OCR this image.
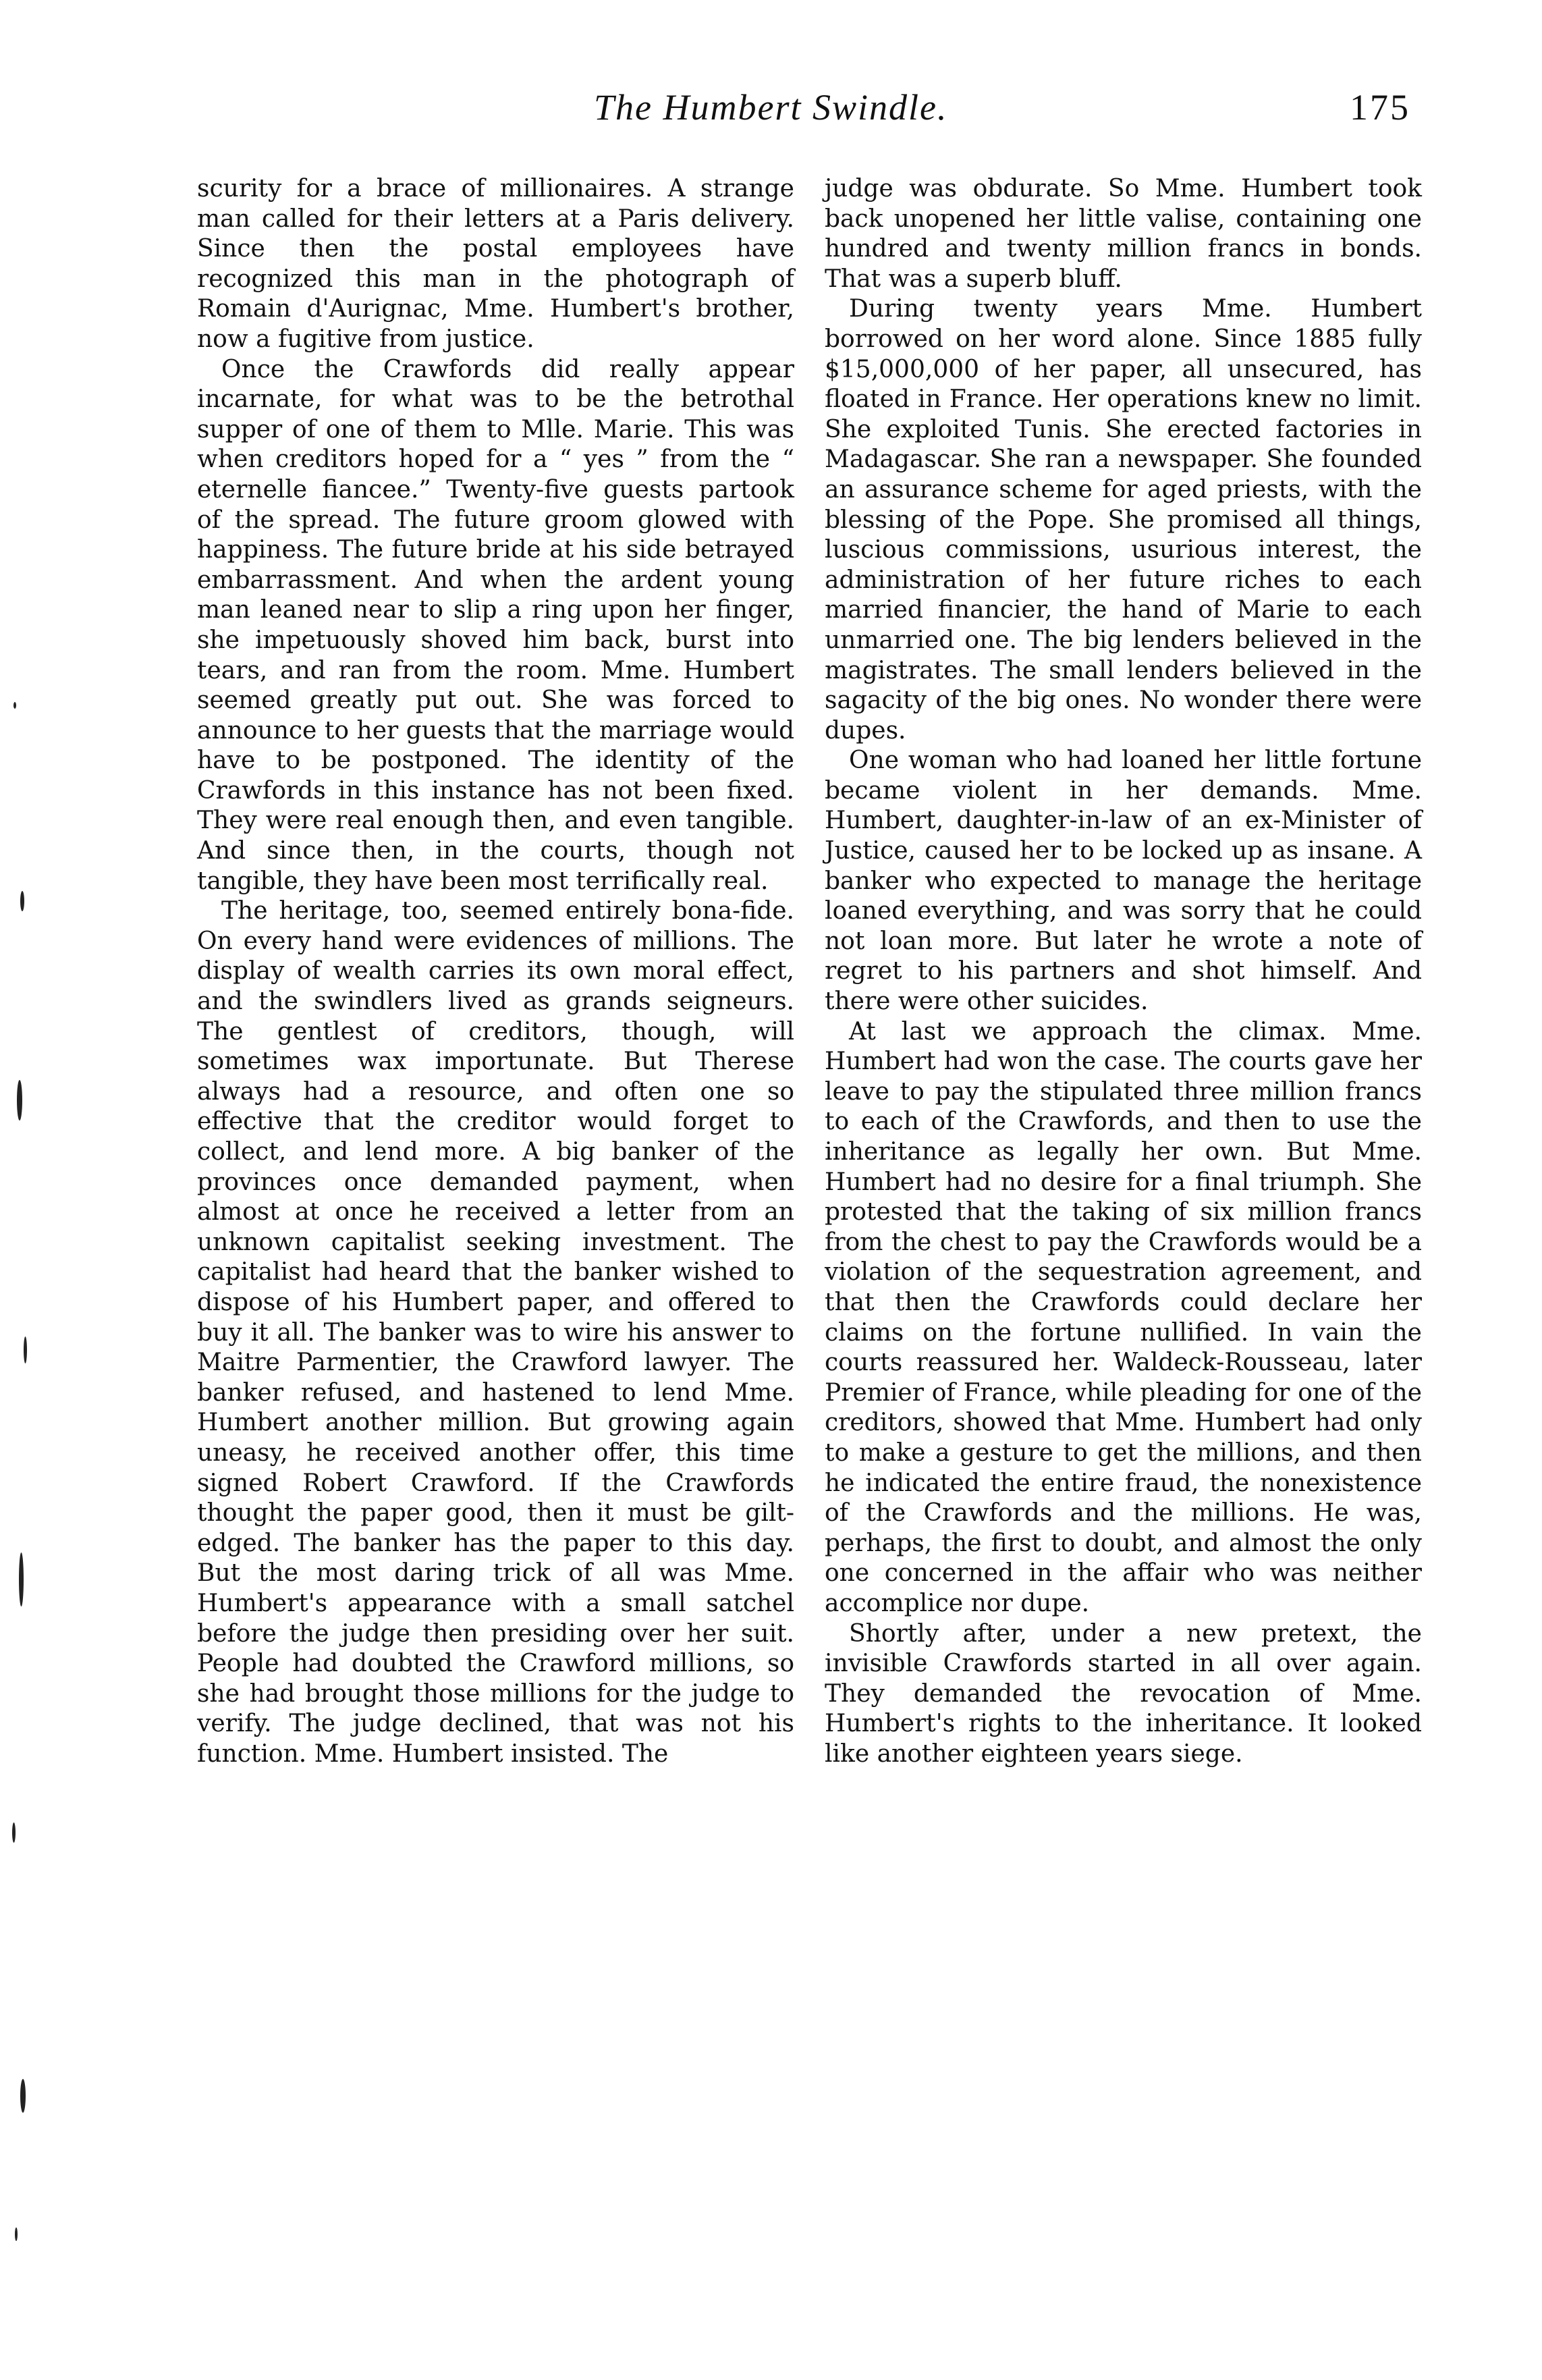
The Humbert Swindle.	175

scurity for a brace of millionaires. A strange man called for their letters at a Paris delivery. Since then the postal employees have recognized this man in the photograph of Romain d'Aurignac, Mme. Humbert's brother, now a fugitive from justice.

Once the Crawfords did really appear incarnate, for what was to be the betrothal supper of one of them to Mlle. Marie. This was when creditors hoped for a “ yes ” from the “ eternelle fiancee.” Twenty-five guests partook of the spread. The future groom glowed with happiness. The future bride at his side betrayed embarrassment. And when the ardent young man leaned near to slip a ring upon her finger, she impetuously shoved him back, burst into tears, and ran from the room. Mme. Humbert seemed greatly put out. She was forced to announce to her guests that the marriage would have to be postponed. The identity of the Crawfords in this instance has not been fixed. They were real enough then, and even tangible. And since then, in the courts, though not tangible, they have been most terrifically real.

The heritage, too, seemed entirely bona-fide. On every hand were evidences of millions. The display of wealth carries its own moral effect, and the swindlers lived as grands seigneurs. The gentlest of creditors, though, will sometimes wax importunate. But Therese always had a resource, and often one so effective that the creditor would forget to collect, and lend more. A big banker of the provinces once demanded payment, when almost at once he received a letter from an unknown capitalist seeking investment. The capitalist had heard that the banker wished to dispose of his Humbert paper, and offered to buy it all. The banker was to wire his answer to Maitre Parmentier, the Crawford lawyer. The banker refused, and hastened to lend Mme. Humbert another million. But growing again uneasy, he received another offer, this time signed Robert Crawford. If the Crawfords thought the paper good, then it must be gilt-edged. The banker has the paper to this day. But the most daring trick of all was Mme. Humbert's appearance with a small satchel before the judge then presiding over her suit. People had doubted the Crawford millions, so she had brought those millions for the judge to verify. The judge declined, that was not his function. Mme. Humbert insisted. The

judge was obdurate. So Mme. Humbert took back unopened her little valise, containing one hundred and twenty million francs in bonds. That was a superb bluff.

During twenty years Mme. Humbert borrowed on her word alone. Since 1885 fully $15,000,000 of her paper, all unsecured, has floated in France. Her operations knew no limit. She exploited Tunis. She erected factories in Madagascar. She ran a newspaper. She founded an assurance scheme for aged priests, with the blessing of the Pope. She promised all things, luscious commissions, usurious interest, the administration of her future riches to each married financier, the hand of Marie to each unmarried one. The big lenders believed in the magistrates. The small lenders believed in the sagacity of the big ones. No wonder there were dupes.

One woman who had loaned her little fortune became violent in her demands. Mme. Humbert, daughter-in-law of an ex-Minister of Justice, caused her to be locked up as insane. A banker who expected to manage the heritage loaned everything, and was sorry that he could not loan more. But later he wrote a note of regret to his partners and shot himself. And there were other suicides.

At last we approach the climax. Mme. Humbert had won the case. The courts gave her leave to pay the stipulated three million francs to each of the Crawfords, and then to use the inheritance as legally her own. But Mme. Humbert had no desire for a final triumph. She protested that the taking of six million francs from the chest to pay the Crawfords would be a violation of the sequestration agreement, and that then the Crawfords could declare her claims on the fortune nullified. In vain the courts reassured her. Waldeck-Rousseau, later Premier of France, while pleading for one of the creditors, showed that Mme. Humbert had only to make a gesture to get the millions, and then he indicated the entire fraud, the nonexistence of the Crawfords and the millions. He was, perhaps, the first to doubt, and almost the only one concerned in the affair who was neither accomplice nor dupe.

Shortly after, under a new pretext, the invisible Crawfords started in all over again. They demanded the revocation of Mme. Humbert's rights to the inheritance. It looked like another eighteen years siege.
